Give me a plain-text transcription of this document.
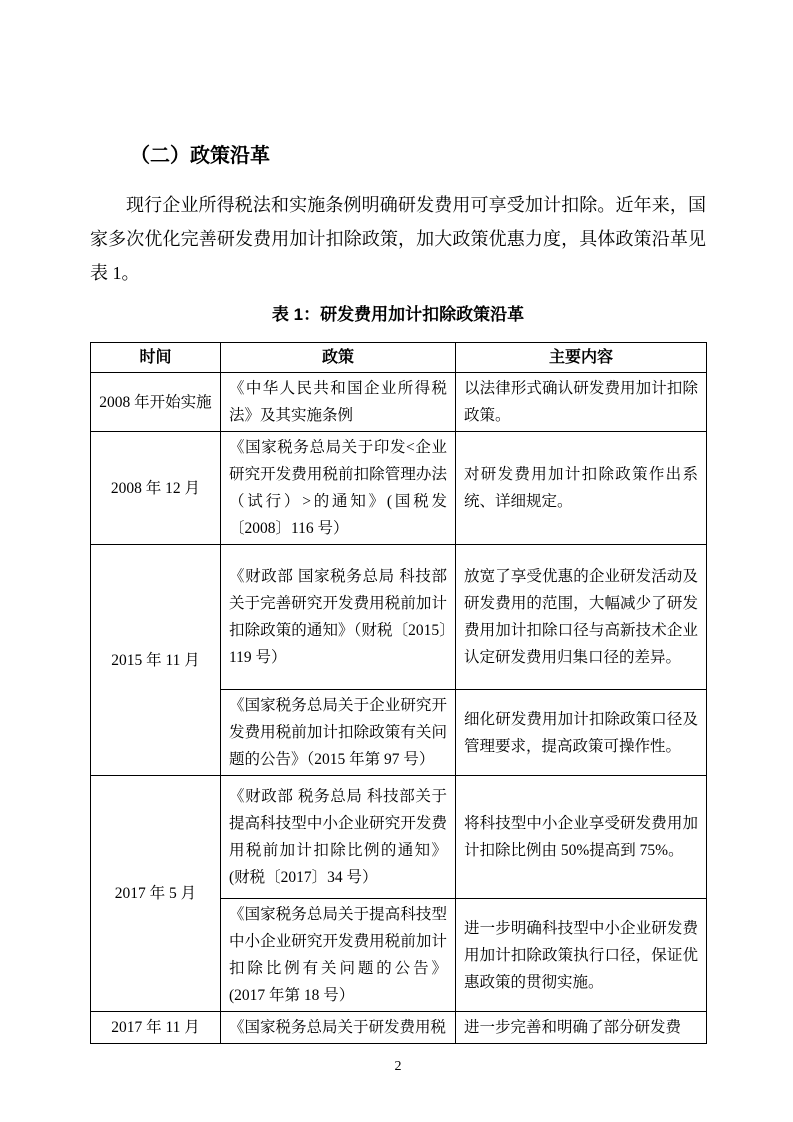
（二）政策沿革

现行企业所得税法和实施条例明确研发费用可享受加计扣除。近年来，国家多次优化完善研发费用加计扣除政策，加大政策优惠力度，具体政策沿革见表 1。

表 1：研发费用加计扣除政策沿革
时间	政策	主要内容
2008 年开始实施	《中华人民共和国企业所得税法》及其实施条例	以法律形式确认研发费用加计扣除政策。
2008 年 12 月	《国家税务总局关于印发<企业研究开发费用税前扣除管理办法（试行）>的通知》(国税发〔2008〕116 号）	对研发费用加计扣除政策作出系统、详细规定。
2015 年 11 月	《财政部 国家税务总局 科技部关于完善研究开发费用税前加计扣除政策的通知》（财税〔2015〕119 号）	放宽了享受优惠的企业研发活动及研发费用的范围，大幅减少了研发费用加计扣除口径与高新技术企业认定研发费用归集口径的差异。
	《国家税务总局关于企业研究开发费用税前加计扣除政策有关问题的公告》（2015 年第 97 号）	细化研发费用加计扣除政策口径及管理要求，提高政策可操作性。
2017 年 5 月	《财政部 税务总局 科技部关于提高科技型中小企业研究开发费用税前加计扣除比例的通知》(财税〔2017〕34 号）	将科技型中小企业享受研发费用加计扣除比例由 50%提高到 75%。
	《国家税务总局关于提高科技型中小企业研究开发费用税前加计扣除比例有关问题的公告》(2017 年第 18 号）	进一步明确科技型中小企业研发费用加计扣除政策执行口径，保证优惠政策的贯彻实施。
2017 年 11 月	《国家税务总局关于研发费用税	进一步完善和明确了部分研发费
2
